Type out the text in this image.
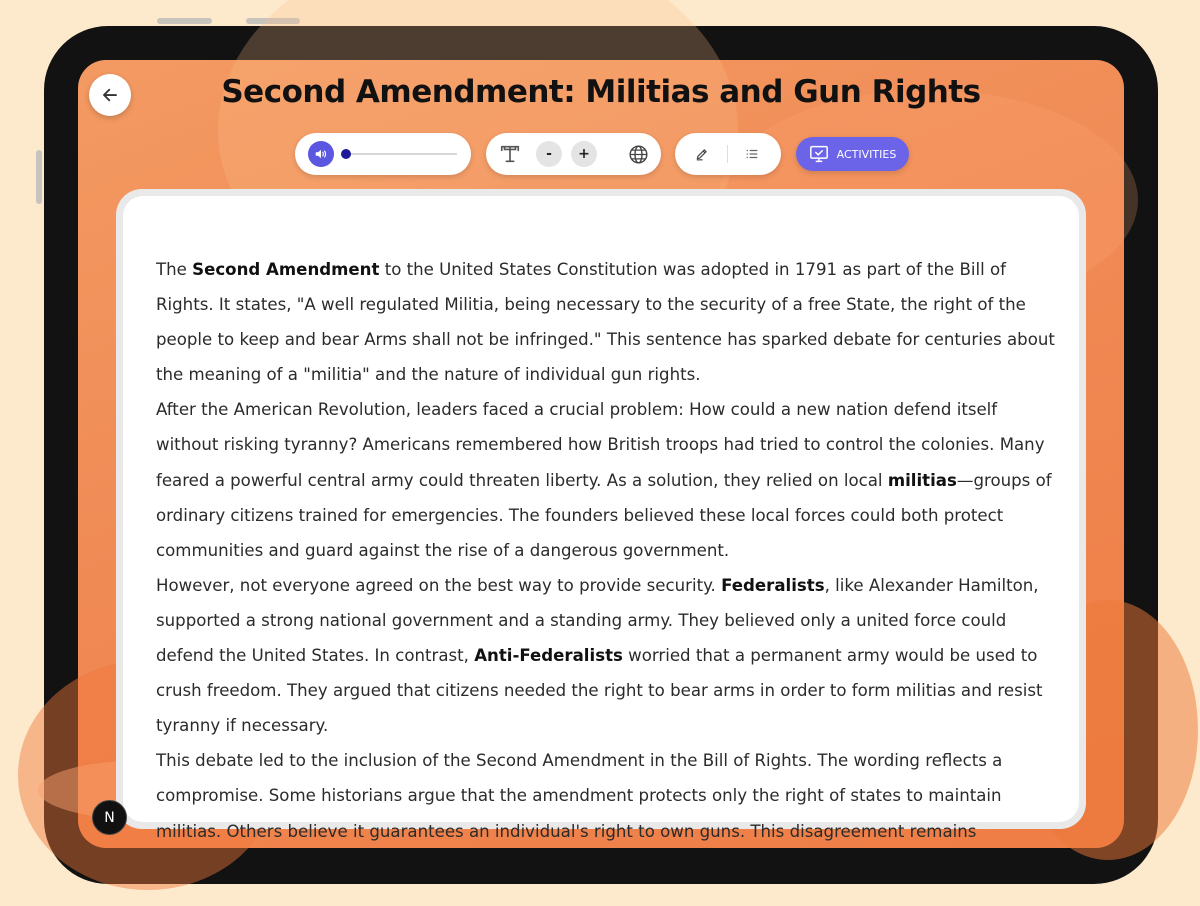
Second Amendment: Militias and Gun Rights
-	+	ACTIVITIES

The Second Amendment to the United States Constitution was adopted in 1791 as part of the Bill of Rights. It states, "A well regulated Militia, being necessary to the security of a free State, the right of the people to keep and bear Arms shall not be infringed." This sentence has sparked debate for centuries about the meaning of a "militia" and the nature of individual gun rights.

After the American Revolution, leaders faced a crucial problem: How could a new nation defend itself without risking tyranny? Americans remembered how British troops had tried to control the colonies. Many feared a powerful central army could threaten liberty. As a solution, they relied on local militias—groups of ordinary citizens trained for emergencies. The founders believed these local forces could both protect communities and guard against the rise of a dangerous government.

However, not everyone agreed on the best way to provide security. Federalists, like Alexander Hamilton, supported a strong national government and a standing army. They believed only a united force could defend the United States. In contrast, Anti-Federalists worried that a permanent army would be used to crush freedom. They argued that citizens needed the right to bear arms in order to form militias and resist tyranny if necessary.

This debate led to the inclusion of the Second Amendment in the Bill of Rights. The wording reflects a compromise. Some historians argue that the amendment protects only the right of states to maintain militias. Others believe it guarantees an individual's right to own guns. This disagreement remains

N
